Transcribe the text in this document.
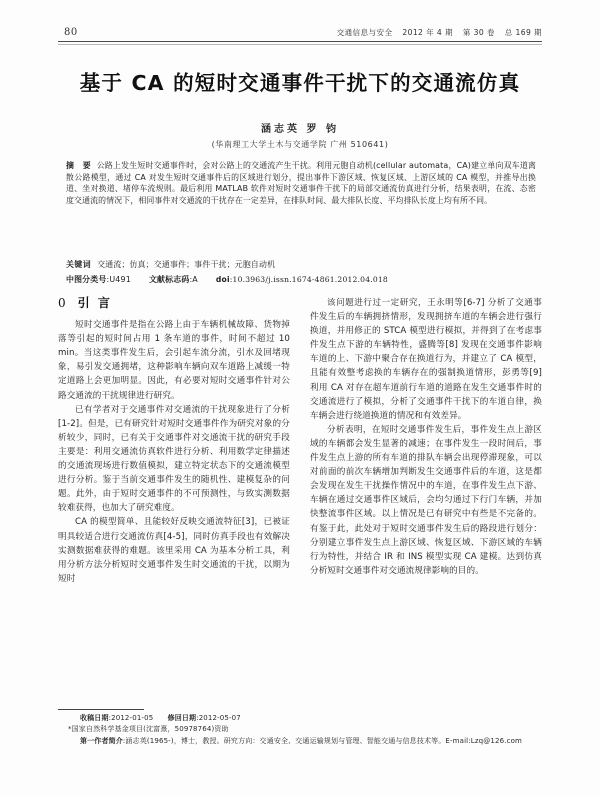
80	交通信息与安全 2012 年 4 期 第 30 卷 总 169 期
基于 CA 的短时交通事件干扰下的交通流仿真
涵志英 罗 钧
(华南理工大学土木与交通学院 广州 510641)

摘 要 公路上发生短时交通事件时，会对公路上的交通流产生干扰。利用元胞自动机(cellular automata，CA)建立单向双车道离散公路模型，通过 CA 对发生短时交通事件后的区域进行划分，提出事件下游区域、恢复区域、上游区域的 CA 模型，并推导出换道、坐对换道、堵停车流规则。最后利用 MATLAB 软件对短时交通事件干扰下的局部交通流仿真进行分析，结果表明，在流、态密度交通流的情况下，相同事件对交通流的干扰存在一定差异，在排队时间、最大排队长度、平均排队长度上均有所不同。

关键词 交通流；仿真；交通事件；事件干扰；元胞自动机
中图分类号:U491 文献标志码:A doi:10.3963/j.issn.1674-4861.2012.04.018
0 引 言

短时交通事件是指在公路上由于车辆机械故障、货物掉落等引起的短时间占用 1 条车道的事件，时间不超过 10 min。当这类事件发生后，会引起车流分流，引水及回堵现象，易引发交通拥堵，这种影响车辆向双车道路上减缓一特定道路上会更加明显。因此，有必要对短时交通事件针对公路交通流的干扰规律进行研究。

已有学者对于交通事件对交通流的干扰现象进行了分析[1-2]。但是，已有研究针对短时交通事件作为研究对象的分析较少，同时，已有关于交通事件对交通流干扰的研究手段主要是：利用交通流仿真软件进行分析、利用数学定律描述的交通流现场进行数值模拟，建立特定状态下的交通流模型进行分析。鉴于当前交通事件发生的随机性、建模复杂的问题。此外，由于短时交通事件的不可预测性，与致实测数据较难获得，也加大了研究难度。

CA 的模型简单、且能较好反映交通流特征[3]，已被证明具较适合进行交通流仿真[4-5]，同时仿真手段也有效解决实测数据难获得的难题。该里采用 CA 为基本分析工具，利用分析方法分析短时交通事件发生时交通流的干扰，以期为短时

该问题进行过一定研究，王永明等[6-7] 分析了交通事件发生后的车辆拥挤情形，发现拥挤车道的车辆会进行强行换道，并用修正的 STCA 模型进行模拟，并得到了在考虑事件发生点下游的车辆特性，盛腾等[8] 发现在交通事件影响车道的上、下游中聚合存在换道行为，并建立了 CA 模型，且能有效整考虑换的车辆存在的强制换道情形，彭勇等[9] 利用 CA 对存在超车道前行车道的道路在发生交通事件时的交通流进行了模拟，分析了交通事件干扰下的车道自律，换车辆会进行绕道换道的情况和有效差异。

分析表明，在短时交通事件发生后，事件发生点上游区域的车辆都会发生显著的减速；在事件发生一段时间后，事件发生点上游的所有车道的排队车辆会出现停滞现象，可以对前面的前次车辆增加判断发生交通事件后的车道，这是都会发现在发生干扰操作情况中的车道，在事件发生点下游、车辆在通过交通事件区域后，会均匀通过下行门车辆，并加快整流事件区域。以上情况是已有研究中有些是不完备的。有鉴于此，此处对于短时交通事件发生后的路段进行划分：分别建立事件发生点上游区域、恢复区域、下游区域的车辆行为特性，并结合 IR 和 INS 模型实现 CA 建模。达到仿真分析短时交通事件对交通流规律影响的目的。

收稿日期:2012-01-05 修回日期:2012-05-07
*国家自然科学基金项目(沈富熹，50978764)资助
第一作者简介:涵志英(1965-)，博士，教授。研究方向：交通安全、交通运输规划与管理、智能交通与信息技术等。E-mail:Lzq@126.com
